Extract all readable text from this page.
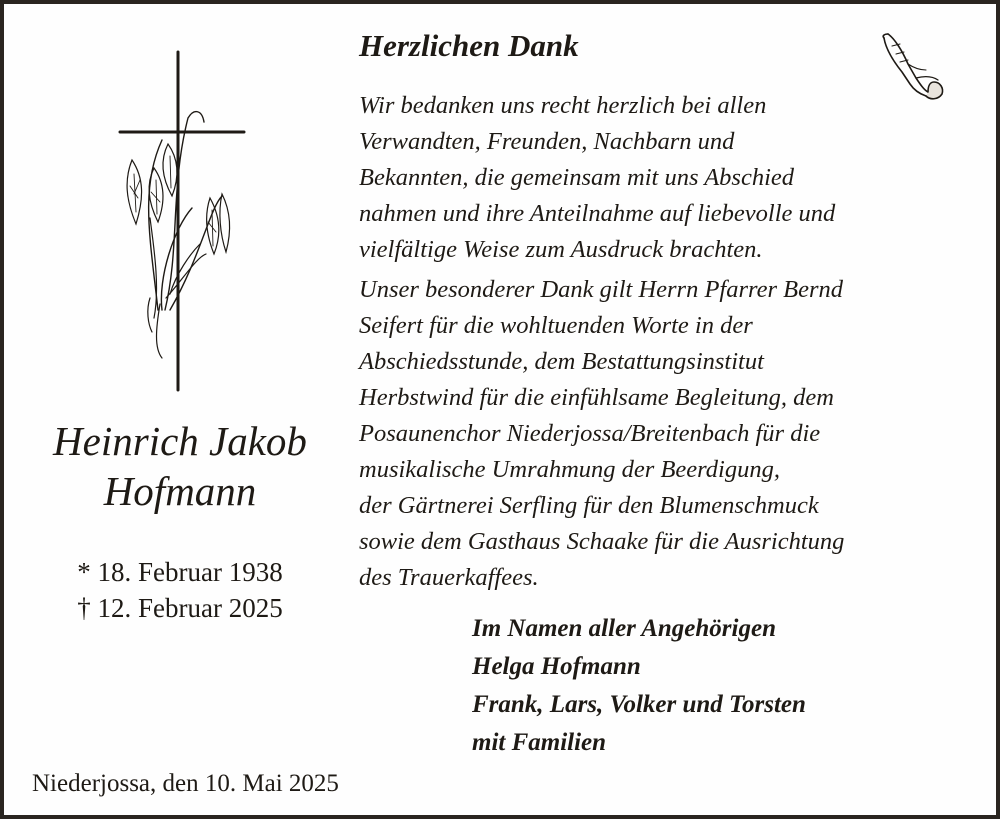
Heinrich Jakob
Hofmann
* 18. Februar 1938
† 12. Februar 2025
Niederjossa, den 10. Mai 2025
Herzlichen Dank

Wir bedanken uns recht herzlich bei allen
Verwandten, Freunden, Nachbarn und
Bekannten, die gemeinsam mit uns Abschied
nahmen und ihre Anteilnahme auf liebevolle und
vielfältige Weise zum Ausdruck brachten.

Unser besonderer Dank gilt Herrn Pfarrer Bernd
Seifert für die wohltuenden Worte in der
Abschiedsstunde, dem Bestattungsinstitut
Herbstwind für die einfühlsame Begleitung, dem
Posaunenchor Niederjossa/Breitenbach für die
musikalische Umrahmung der Beerdigung,
der Gärtnerei Serfling für den Blumenschmuck
sowie dem Gasthaus Schaake für die Ausrichtung
des Trauerkaffees.

Im Namen aller Angehörigen
Helga Hofmann
Frank, Lars, Volker und Torsten
mit Familien
